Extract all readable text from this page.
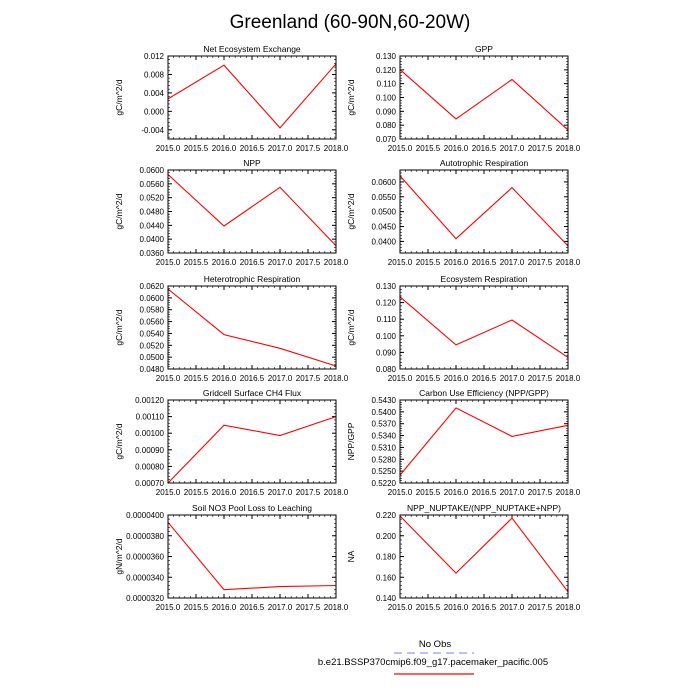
Greenland (60-90N,60-20W)
Net Ecosystem Exchange
gC/m^2/d
2015.0 2015.5 2016.0 2016.5 2017.0 2017.5 2018.0
0.012
0.008
0.004
0.000
-0.004
GPP
gC/m^2/d
2015.0 2015.5 2016.0 2016.5 2017.0 2017.5 2018.0
0.130
0.120
0.110
0.100
0.090
0.080
0.070
NPP
gC/m^2/d
2015.0 2015.5 2016.0 2016.5 2017.0 2017.5 2018.0
0.0600
0.0560
0.0520
0.0480
0.0440
0.0400
0.0360
Autotrophic Respiration
gC/m^2/d
2015.0 2015.5 2016.0 2016.5 2017.0 2017.5 2018.0
0.0600
0.0550
0.0500
0.0450
0.0400
Heterotrophic Respiration
gC/m^2/d
2015.0 2015.5 2016.0 2016.5 2017.0 2017.5 2018.0
0.0620
0.0600
0.0580
0.0560
0.0540
0.0520
0.0500
0.0480
Ecosystem Respiration
gC/m^2/d
2015.0 2015.5 2016.0 2016.5 2017.0 2017.5 2018.0
0.130
0.120
0.110
0.100
0.090
0.080
Gridcell Surface CH4 Flux
gC/m^2/d
2015.0 2015.5 2016.0 2016.5 2017.0 2017.5 2018.0
0.00120
0.00110
0.00100
0.00090
0.00080
0.00070
Carbon Use Efficiency (NPP/GPP)
NPP/GPP
2015.0 2015.5 2016.0 2016.5 2017.0 2017.5 2018.0
0.5430
0.5400
0.5370
0.5340
0.5310
0.5280
0.5250
0.5220
Soil NO3 Pool Loss to Leaching
gN/m^2/d
2015.0 2015.5 2016.0 2016.5 2017.0 2017.5 2018.0
0.0000400
0.0000380
0.0000360
0.0000340
0.0000320
NPP_NUPTAKE/(NPP_NUPTAKE+NPP)
NA
2015.0 2015.5 2016.0 2016.5 2017.0 2017.5 2018.0
0.220
0.200
0.180
0.160
0.140
No Obs
b.e21.BSSP370cmip6.f09_g17.pacemaker_pacific.005
